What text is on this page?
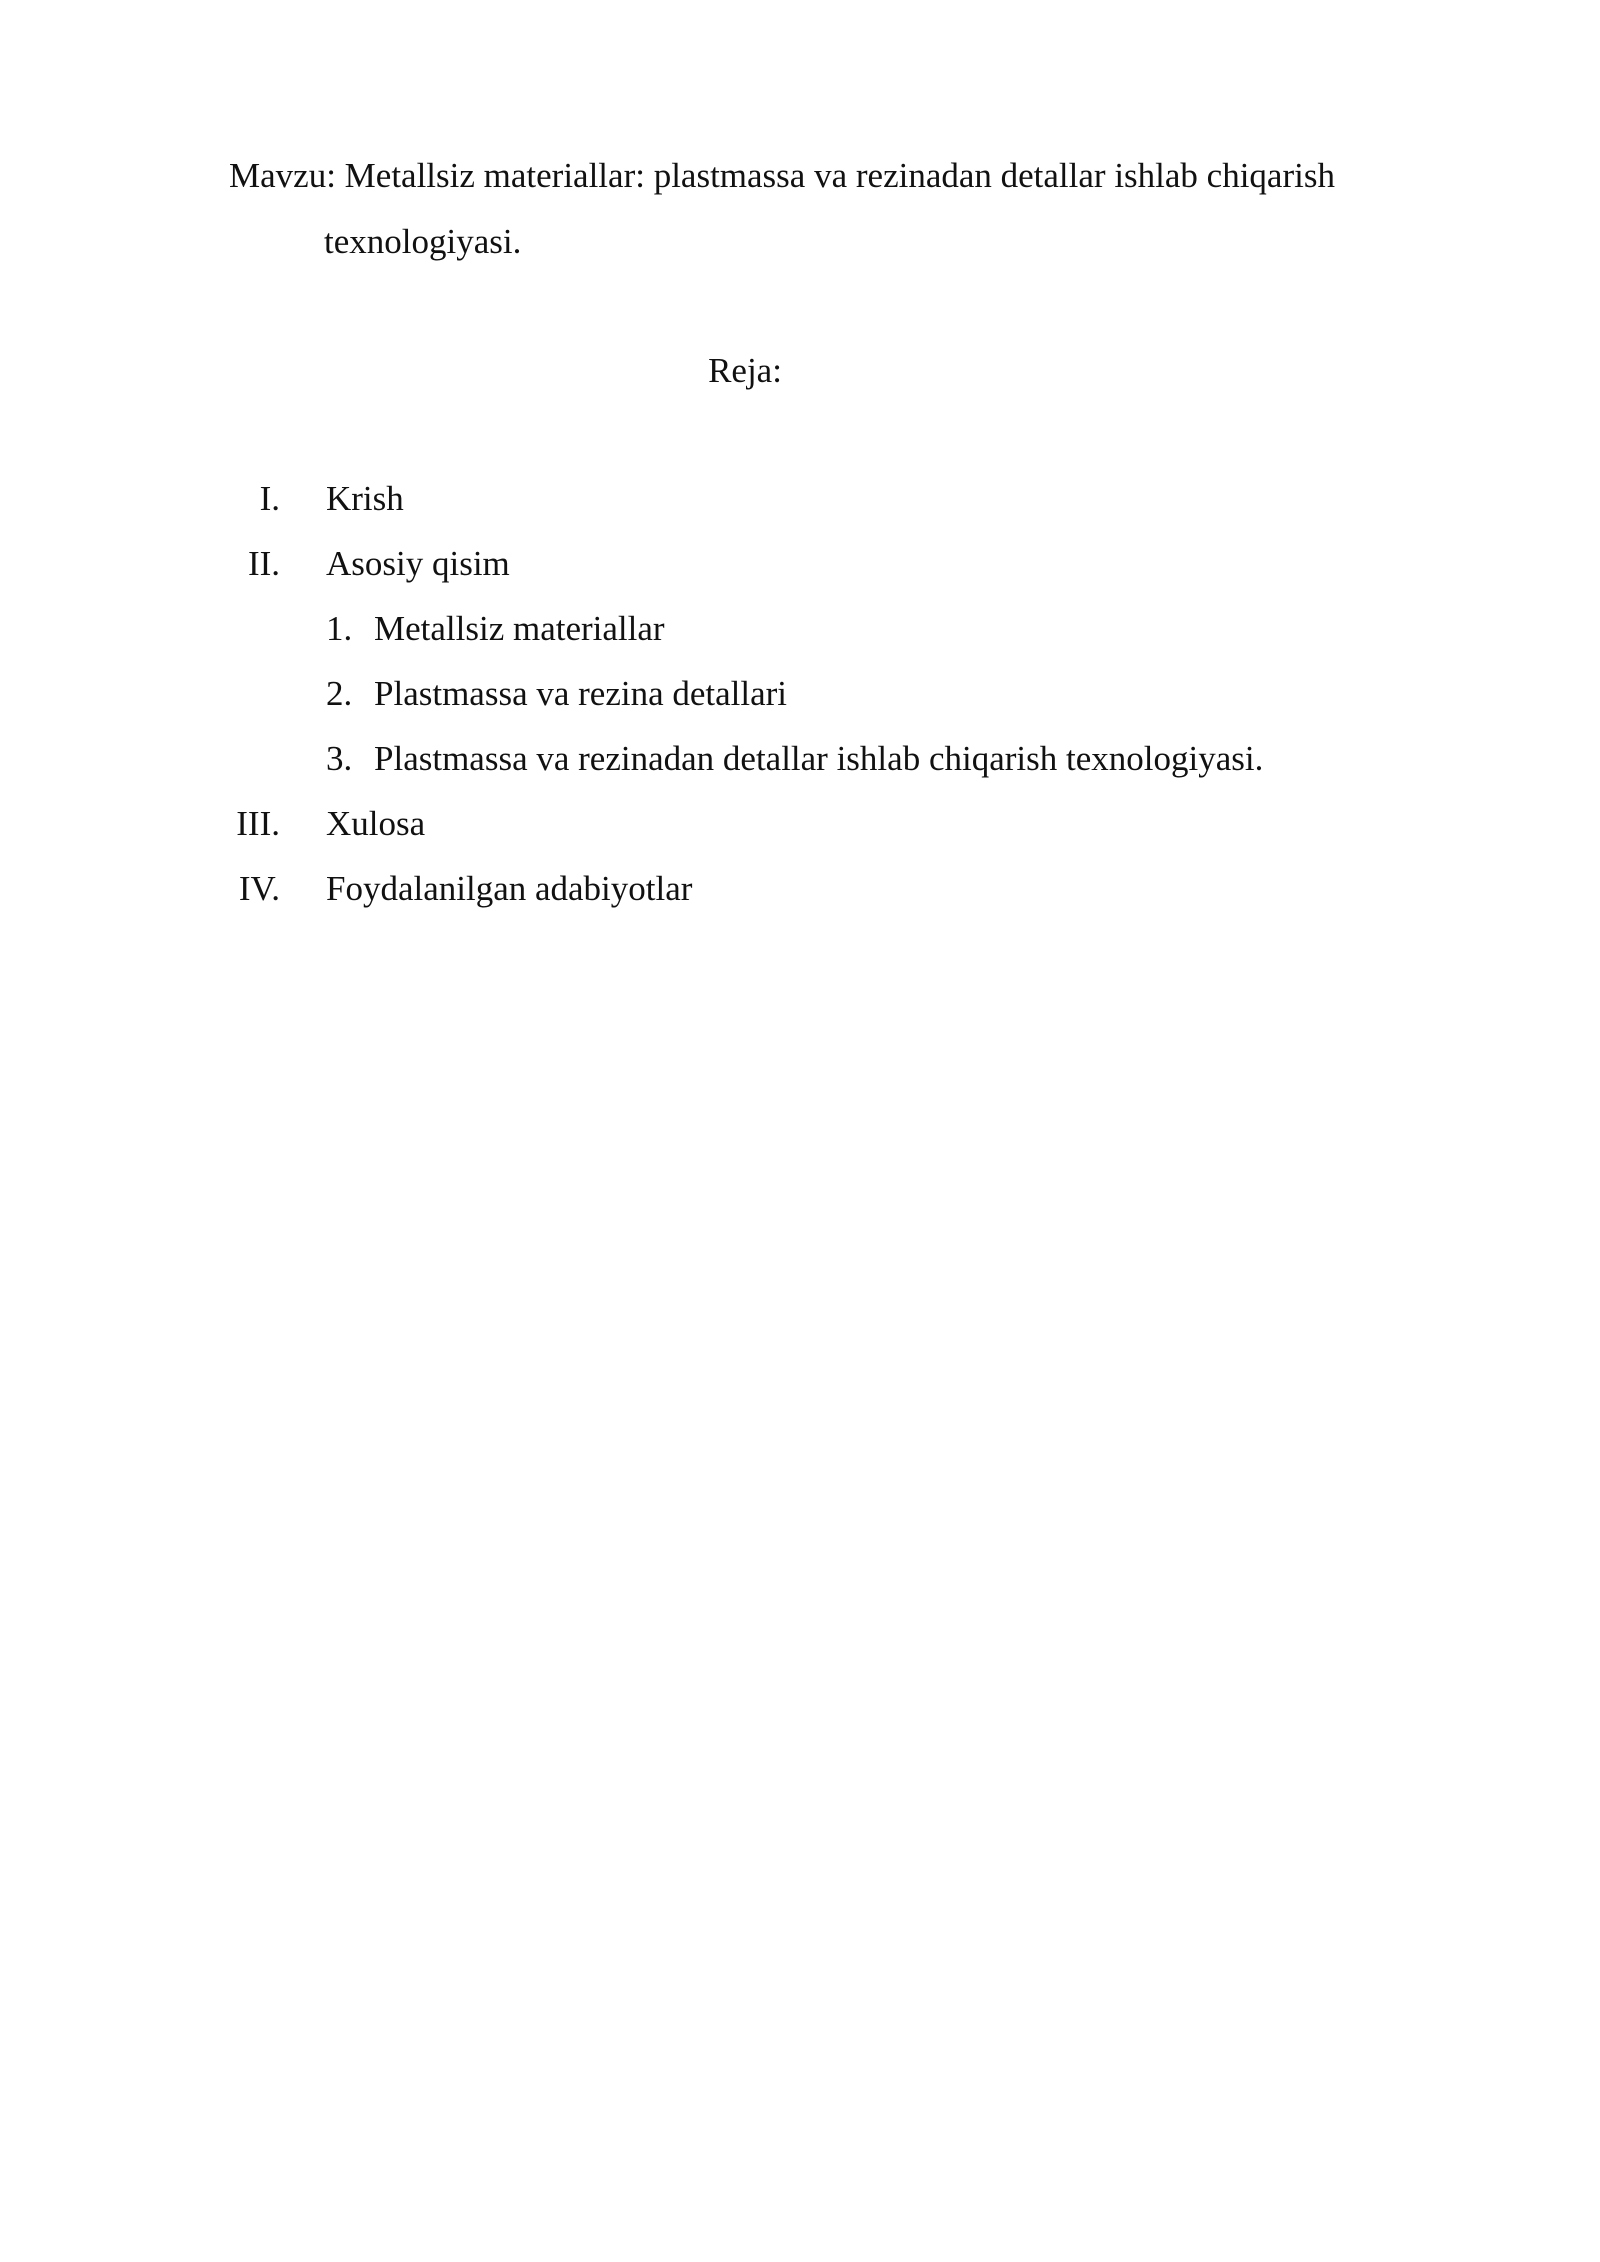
Mavzu: Metallsiz materiallar: plastmassa va rezinadan detallar ishlab chiqarish
texnologiyasi.
Reja:
I. Krish
II. Asosiy qisim
1. Metallsiz materiallar
2. Plastmassa va rezina detallari
3. Plastmassa va rezinadan detallar ishlab chiqarish texnologiyasi.
III. Xulosa
IV. Foydalanilgan adabiyotlar
